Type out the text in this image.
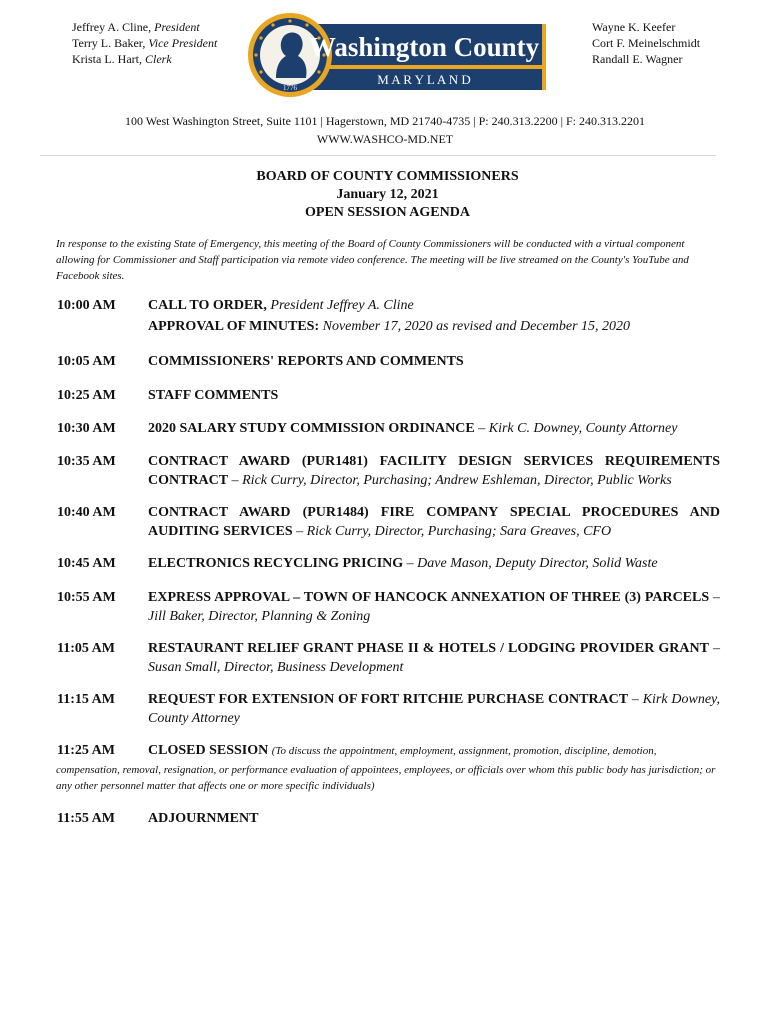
Jeffrey A. Cline, President
Terry L. Baker, Vice President
Krista L. Hart, Clerk
Wayne K. Keefer
Cort F. Meinelschmidt
Randall E. Wagner
1776
Washington County
M A R Y L A N D
100 West Washington Street, Suite 1101 | Hagerstown, MD 21740-4735 | P: 240.313.2200 | F: 240.313.2201
WWW.WASHCO-MD.NET
BOARD OF COUNTY COMMISSIONERS
January 12, 2021
OPEN SESSION AGENDA
In response to the existing State of Emergency, this meeting of the Board of County Commissioners will be conducted with a virtual component allowing for Commissioner and Staff participation via remote video conference. The meeting will be live streamed on the County's YouTube and Facebook sites.
10:00 AM CALL TO ORDER, President Jeffrey A. Cline
APPROVAL OF MINUTES: November 17, 2020 as revised and December 15, 2020
10:05 AM COMMISSIONERS' REPORTS AND COMMENTS
10:25 AM STAFF COMMENTS
10:30 AM 2020 SALARY STUDY COMMISSION ORDINANCE – Kirk C. Downey, County Attorney
10:35 AM CONTRACT AWARD (PUR1481) FACILITY DESIGN SERVICES REQUIREMENTS CONTRACT – Rick Curry, Director, Purchasing; Andrew Eshleman, Director, Public Works
10:40 AM CONTRACT AWARD (PUR1484) FIRE COMPANY SPECIAL PROCEDURES AND AUDITING SERVICES – Rick Curry, Director, Purchasing; Sara Greaves, CFO
10:45 AM ELECTRONICS RECYCLING PRICING – Dave Mason, Deputy Director, Solid Waste
10:55 AM EXPRESS APPROVAL – TOWN OF HANCOCK ANNEXATION OF THREE (3) PARCELS – Jill Baker, Director, Planning & Zoning
11:05 AM RESTAURANT RELIEF GRANT PHASE II & HOTELS / LODGING PROVIDER GRANT – Susan Small, Director, Business Development
11:15 AM REQUEST FOR EXTENSION OF FORT RITCHIE PURCHASE CONTRACT – Kirk Downey, County Attorney
11:25 AM CLOSED SESSION (To discuss the appointment, employment, assignment, promotion, discipline, demotion,
compensation, removal, resignation, or performance evaluation of appointees, employees, or officials over whom this public body has jurisdiction; or any other personnel matter that affects one or more specific individuals)
11:55 AM ADJOURNMENT
